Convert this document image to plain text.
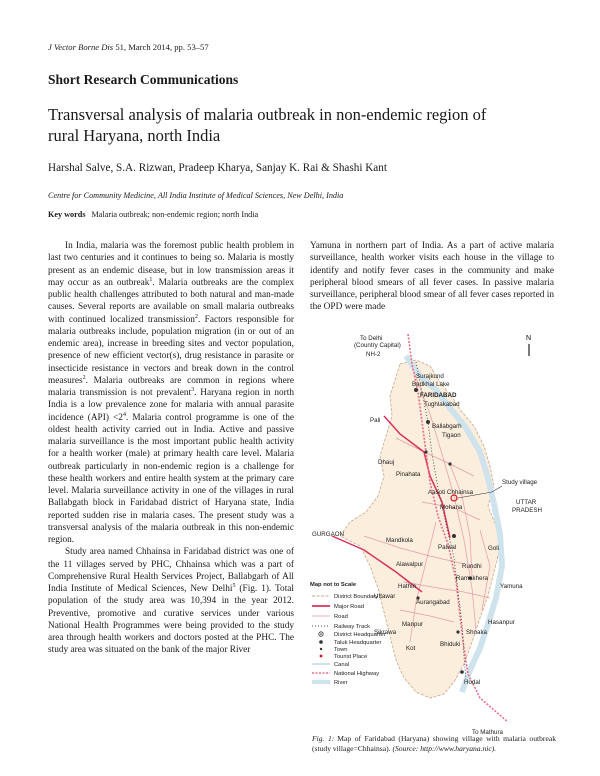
J Vector Borne Dis 51, March 2014, pp. 53–57
Short Research Communications
Transversal analysis of malaria outbreak in non-endemic region of rural Haryana, north India
Harshal Salve, S.A. Rizwan, Pradeep Kharya, Sanjay K. Rai & Shashi Kant
Centre for Community Medicine, All India Institute of Medical Sciences, New Delhi, India
Key words Malaria outbreak; non-endemic region; north India

In India, malaria was the foremost public health problem in last two centuries and it continues to being so. Malaria is mostly present as an endemic disease, but in low transmission areas it may occur as an outbreak$^1$. Malaria outbreaks are the complex public health challenges attributed to both natural and man-made causes. Several reports are available on small malaria outbreaks with continued localized transmission$^2$. Factors responsible for malaria outbreaks include, population migration (in or out of an endemic area), increase in breeding sites and vector population, presence of new efficient vector(s), drug resistance in parasite or insecticide resistance in vectors and break down in the control measures$^2$. Malaria outbreaks are common in regions where malaria transmission is not prevalent$^3$. Haryana region in north India is a low prevalence zone for malaria with annual parasite incidence $(API) <2^4$. Malaria control programme is one of the oldest health activity carried out in India. Active and passive malaria surveillance is the most important public health activity for a health worker (male) at primary health care level. Malaria outbreak particularly in non-endemic region is a challenge for these health workers and entire health system at the primary care level. Malaria surveillance activity in one of the villages in rural Ballabgath block in Faridabad district of Haryana state, India reported sudden rise in malaria cases. The present study was a transversal analysis of the malaria outbreak in this non-endemic region.

Study area named Chhainsa in Faridabad district was one of the 11 villages served by PHC, Chhainsa which was a part of Comprehensive Rural Health Services Project, Ballabgarh of All India Institute of Medical Sciences, New Delhi$^5$ (Fig. 1). Total population of the study area was 10,394 in the year 2012. Preventive, promotive and curative services under various National Health Programmes were being provided to the study area through health workers and doctors posted at the PHC. The study area was situated on the bank of the major River

Yamuna in northern part of India. As a part of active malaria surveillance, health worker visits each house in the village to identify and notify fever cases in the community and make peripheral blood smears of all fever cases. In passive malaria surveillance, peripheral blood smear of all fever cases reported in the OPD were made

N
To Delhi
(Country Capital)
NH-2
Surajkund
Badkhal Lake
FARIDABAD
Tughlakabad
Pali
Ballabgarh
Tigaon
Dhauj
Pinahata
Aasoti Chhainsa
Mohana
Study village
UTTAR
PRADESH
GURGAON
Mandkola
Palwal	Goli
Alawalpur	Rundhi
Ramakhera
Yamuna
Hathin
Aurangabad
Uttawar
Manpur
Sikrawa
Hasanpur
Shoaka
Bhiduki
Kot
Hodal
To Mathura
Map not to Scale
District Boundary
Major Road
Road
Railway Track
District Headquarter
Taluk Headquarter
Town
Tourist Place
Canal
National Highway
River
Fig. 1: Map of Faridabad (Haryana) showing village with malaria outbreak (study village=Chhainsa). (Source: http://www.haryana.nic).
